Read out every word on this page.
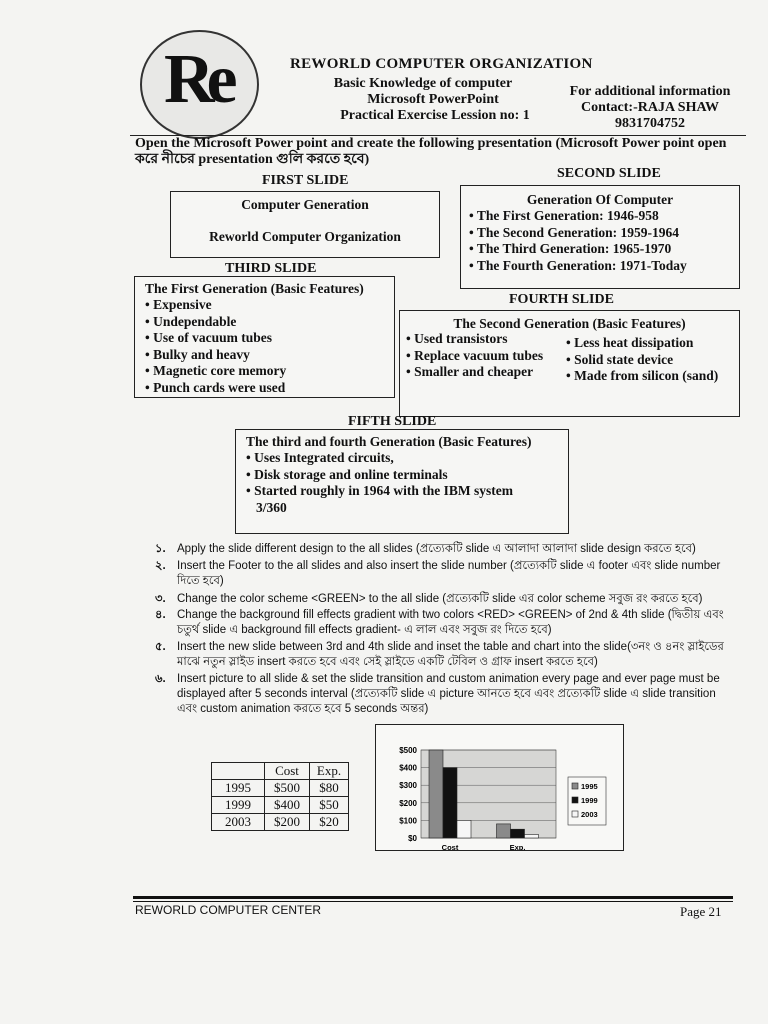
Re	REWORLD COMPUTER ORGANIZATION
Basic Knowledge of computer
Microsoft PowerPoint
Practical Exercise Lession no: 1
For additional information
Contact:-RAJA SHAW
9831704752
Open the Microsoft Power point and create the following presentation (Microsoft Power point open করে নীচের presentation গুলি করতে হবে)
FIRST SLIDE
Computer Generation
Reworld Computer Organization
SECOND SLIDE
Generation Of Computer
• The First Generation: 1946-958
• The Second Generation: 1959-1964
• The Third Generation: 1965-1970
• The Fourth Generation: 1971-Today
THIRD SLIDE
The First Generation (Basic Features)
• Expensive
• Undependable
• Use of vacuum tubes
• Bulky and heavy
• Magnetic core memory
• Punch cards were used
FOURTH SLIDE
The Second Generation (Basic Features)
• Used transistors
• Replace vacuum tubes
• Smaller and cheaper
• Less heat dissipation
• Solid state device
• Made from silicon (sand)
FIFTH SLIDE
The third and fourth Generation (Basic Features)
• Uses Integrated circuits,
• Disk storage and online terminals
• Started roughly in 1964 with the IBM system 3/360
১. Apply the slide different design to the all slides (প্রত্যেকটি slide এ আলাদা আলাদা slide design করতে হবে)
২. Insert the Footer to the all slides and also insert the slide number (প্রত্যেকটি slide এ footer এবং slide number দিতে হবে)
৩. Change the color scheme <GREEN> to the all slide (প্রত্যেকটি slide এর color scheme সবুজ রং করতে হবে)
৪. Change the background fill effects gradient with two colors <RED> <GREEN> of 2nd & 4th slide (দ্বিতীয় এবং চতুর্থ slide এ background fill effects gradient- এ লাল এবং সবুজ রং দিতে হবে)
৫. Insert the new slide between 3rd and 4th slide and inset the table and chart into the slide(৩নং ও ৪নং স্লাইডের মাঝে নতুন স্লাইড insert করতে হবে এবং সেই স্লাইডে একটি টেবিল ও গ্রাফ insert করতে হবে)
৬. Insert picture to all slide & set the slide transition and custom animation every page and ever page must be displayed after 5 seconds interval (প্রত্যেকটি slide এ picture আনতে হবে এবং প্রত্যেকটি slide এ slide transition এবং custom animation করতে হবে 5 seconds অন্তর)
	Cost	Exp.
1995	$500	$80
1999	$400	$50
2003	$200	$20
$500
$400
$300
$200
$100
$0
Cost	Exp.
1995
1999
2003
REWORLD COMPUTER CENTER	Page 21
